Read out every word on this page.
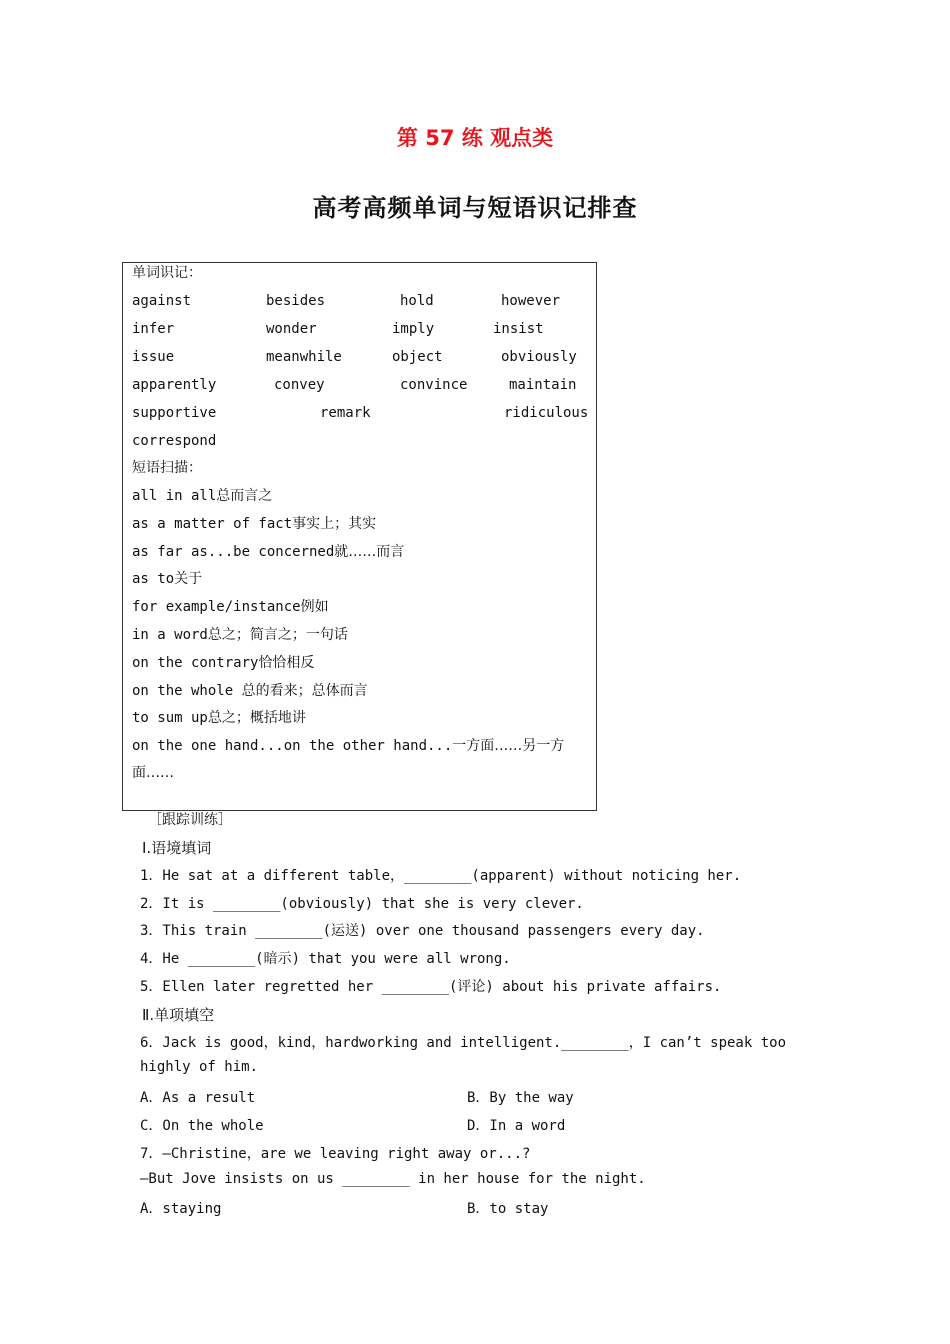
第 57 练 观点类
高考高频单词与短语识记排查
单词识记：
against	besides	hold	however
infer	wonder	imply	insist
issue	meanwhile	object	obviously
apparently	convey	convince	maintain
supportive	remark	ridiculous
correspond
短语扫描：
all in all总而言之
as a matter of fact事实上；其实
as far as...be concerned就……而言
as to关于
for example/instance例如
in a word总之；简言之；一句话
on the contrary恰恰相反
on the whole 总的看来；总体而言
to sum up总之；概括地讲
on the one hand...on the other hand...一方面……另一方
面……
［跟踪训练］
Ⅰ.语境填词
1．He sat at a different table，________(apparent) without noticing her.
2．It is ________(obviously) that she is very clever.
3．This train ________(运送) over one thousand passengers every day.
4．He ________(暗示) that you were all wrong.
5．Ellen later regretted her ________(评论) about his private affairs.
Ⅱ.单项填空
6．Jack is good，kind，hardworking and intelligent.________，I can’t speak too
highly of him.
A．As a result	B．By the way
C．On the whole	D．In a word
7．—Christine，are we leaving right away or...?
—But Jove insists on us ________ in her house for the night.
A．staying	B．to stay
